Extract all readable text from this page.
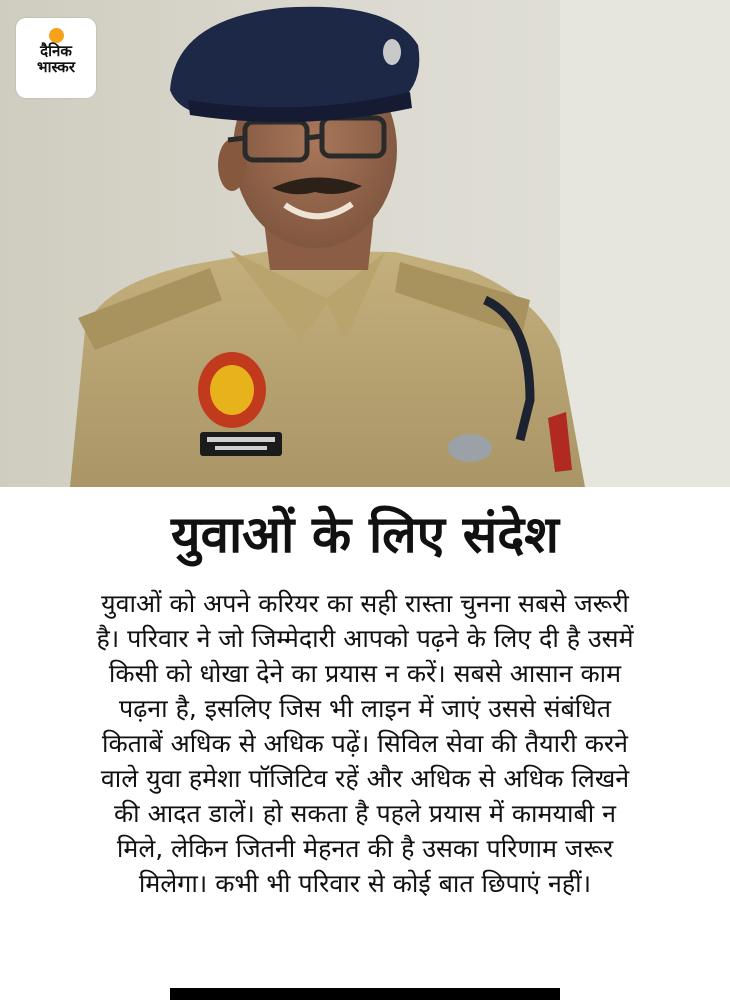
दैनिक
भास्कर
युवाओं के लिए संदेश
युवाओं को अपने करियर का सही रास्ता चुनना सबसे जरूरी
है। परिवार ने जो जिम्मेदारी आपको पढ़ने के लिए दी है उसमें
किसी को धोखा देने का प्रयास न करें। सबसे आसान काम
पढ़ना है, इसलिए जिस भी लाइन में जाएं उससे संबंधित
किताबें अधिक से अधिक पढ़ें। सिविल सेवा की तैयारी करने
वाले युवा हमेशा पॉजिटिव रहें और अधिक से अधिक लिखने
की आदत डालें। हो सकता है पहले प्रयास में कामयाबी न
मिले, लेकिन जितनी मेहनत की है उसका परिणाम जरूर
मिलेगा। कभी भी परिवार से कोई बात छिपाएं नहीं।
